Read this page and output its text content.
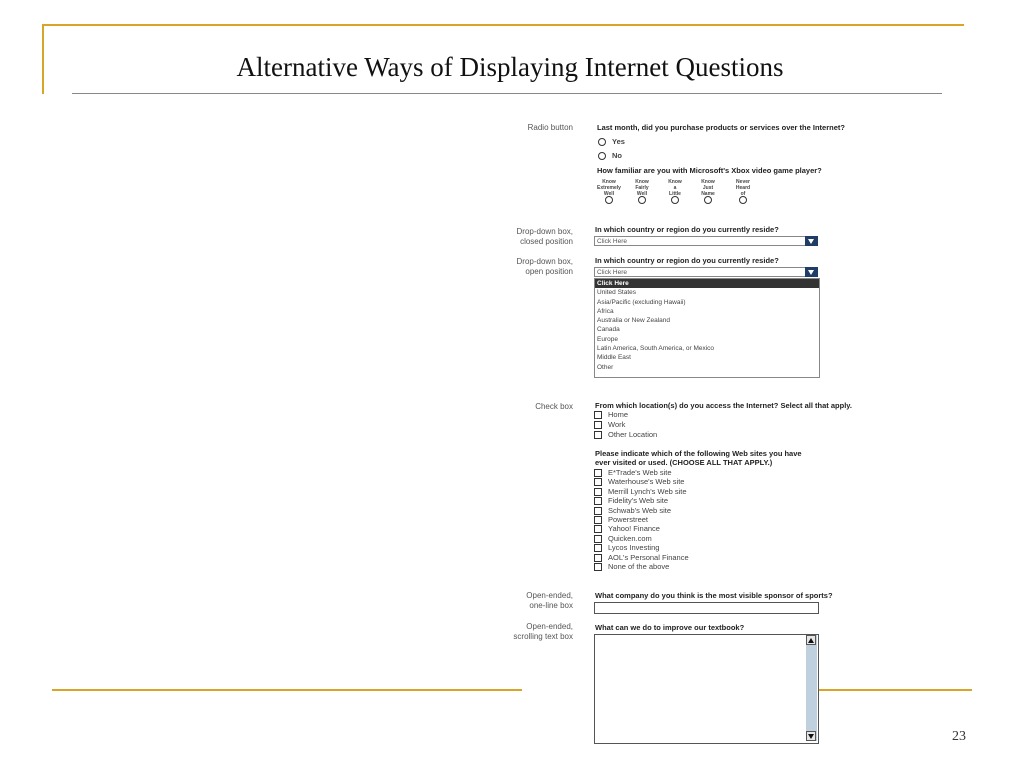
Alternative Ways of Displaying Internet Questions
Radio button
Drop-down box,
closed position
Drop-down box,
open position
Check box
Open-ended,
one-line box
Open-ended,
scrolling text box
Last month, did you purchase products or services over the Internet?
Yes
No
How familiar are you with Microsoft's Xbox video game player?
Know
Extremely
Well
Know
Fairly
Well
Know
a
Little
Know
Just
Name
Never
Heard
of
In which country or region do you currently reside?
Click Here
In which country or region do you currently reside?
Click Here
Click Here
United States
Asia/Pacific (excluding Hawaii)
Africa
Australia or New Zealand
Canada
Europe
Latin America, South America, or Mexico
Middle East
Other
From which location(s) do you access the Internet? Select all that apply.
Home
Work
Other Location
Please indicate which of the following Web sites you have
ever visited or used. (CHOOSE ALL THAT APPLY.)
E*Trade's Web site
Waterhouse's Web site
Merrill Lynch's Web site
Fidelity's Web site
Schwab's Web site
Powerstreet
Yahoo! Finance
Quicken.com
Lycos Investing
AOL's Personal Finance
None of the above
What company do you think is the most visible sponsor of sports?
What can we do to improve our textbook?
23
